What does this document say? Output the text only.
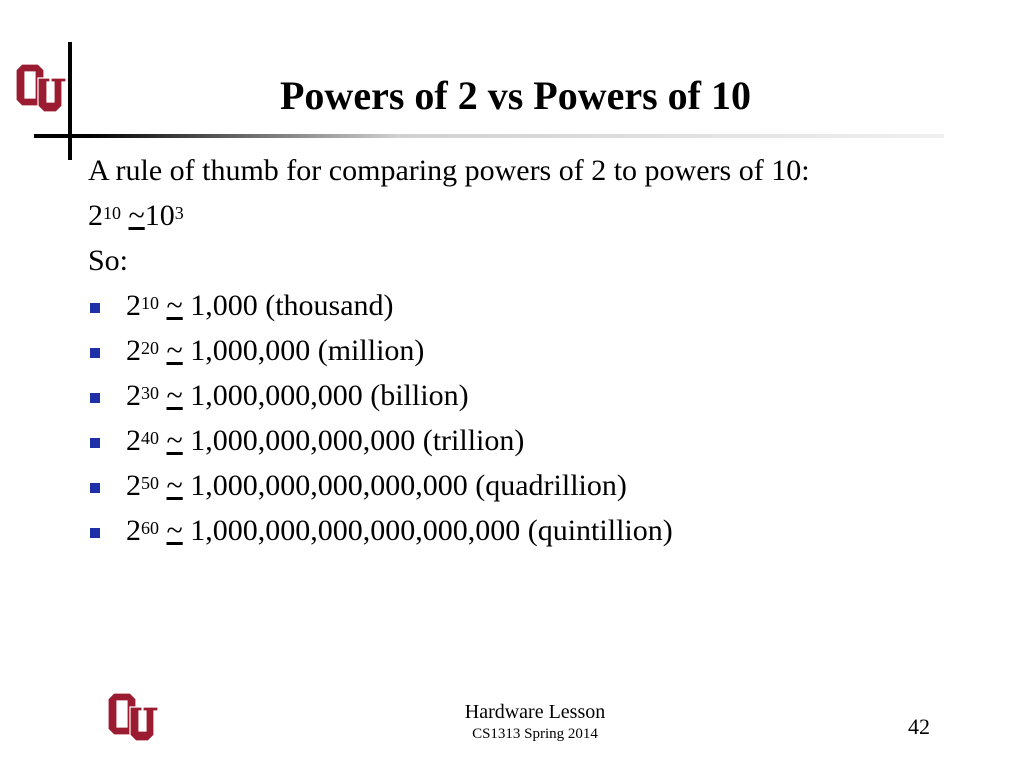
Powers of 2 vs Powers of 10
A rule of thumb for comparing powers of 2 to powers of 10:
$2^{10}$ $\sim 10^3$
So:
$2^{10}$ ~ 1,000 (thousand)
$2^{20}$ ~ 1,000,000 (million)
$2^{30}$ ~ 1,000,000,000 (billion)
$2^{40}$ ~ 1,000,000,000,000 (trillion)
$2^{50}$ ~ 1,000,000,000,000,000 (quadrillion)
$2^{60}$ ~ 1,000,000,000,000,000,000 (quintillion)
Hardware Lesson
CS1313 Spring 2014	42
